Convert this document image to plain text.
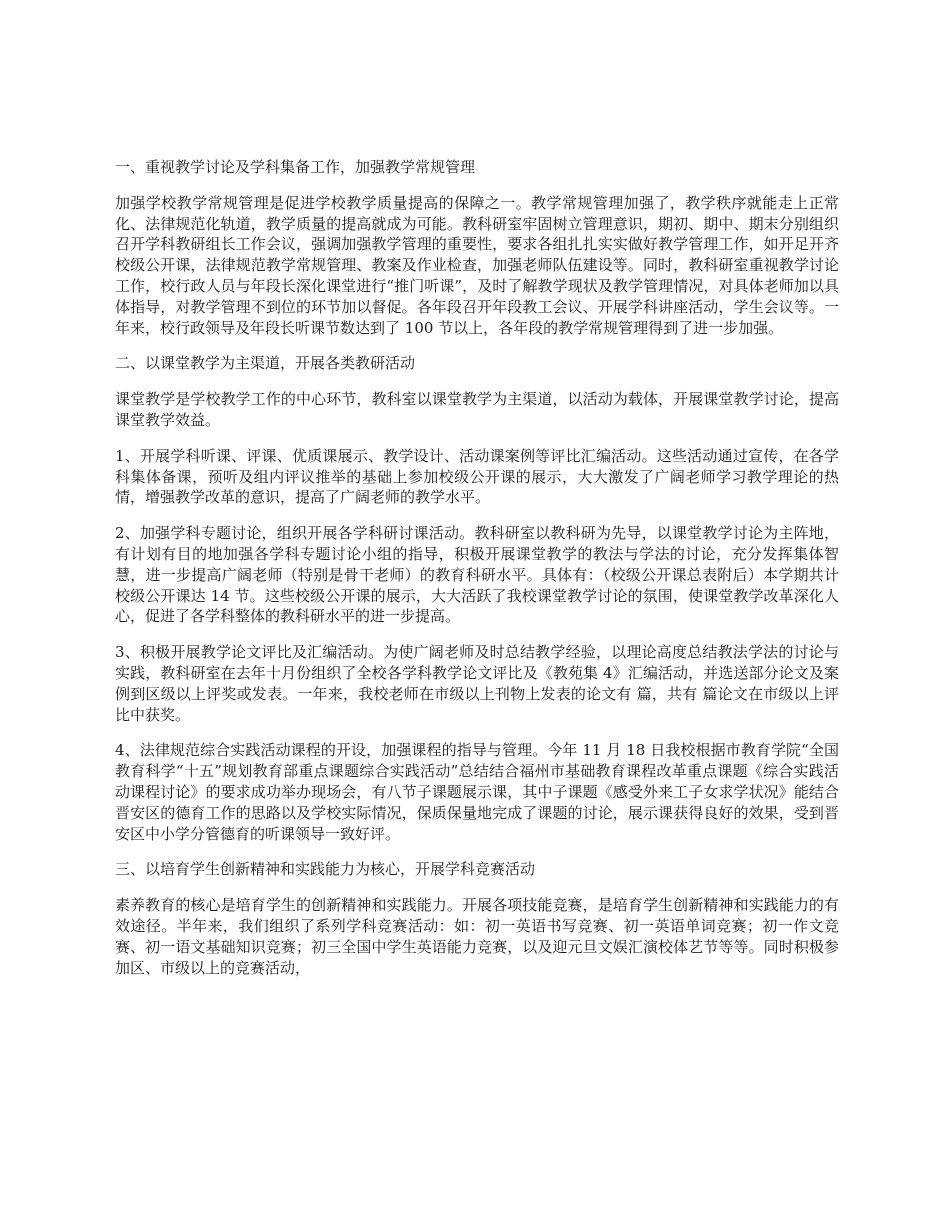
一、重视教学讨论及学科集备工作，加强教学常规管理

加强学校教学常规管理是促进学校教学质量提高的保障之一。教学常规管理加强了，教学秩序就能走上正常化、法律规范化轨道，教学质量的提高就成为可能。教科研室牢固树立管理意识，期初、期中、期末分别组织召开学科教研组长工作会议，强调加强教学管理的重要性，要求各组扎扎实实做好教学管理工作，如开足开齐校级公开课，法律规范教学常规管理、教案及作业检查，加强老师队伍建设等。同时，教科研室重视教学讨论工作，校行政人员与年段长深化课堂进行“推门听课”，及时了解教学现状及教学管理情况，对具体老师加以具体指导，对教学管理不到位的环节加以督促。各年段召开年段教工会议、开展学科讲座活动，学生会议等。一年来，校行政领导及年段长听课节数达到了 100 节以上，各年段的教学常规管理得到了进一步加强。

二、以课堂教学为主渠道，开展各类教研活动

课堂教学是学校教学工作的中心环节，教科室以课堂教学为主渠道，以活动为载体，开展课堂教学讨论，提高课堂教学效益。

1、开展学科听课、评课、优质课展示、教学设计、活动课案例等评比汇编活动。这些活动通过宣传，在各学科集体备课，预听及组内评议推举的基础上参加校级公开课的展示，大大激发了广阔老师学习教学理论的热情，增强教学改革的意识，提高了广阔老师的教学水平。

2、加强学科专题讨论，组织开展各学科研讨课活动。教科研室以教科研为先导，以课堂教学讨论为主阵地，有计划有目的地加强各学科专题讨论小组的指导，积极开展课堂教学的教法与学法的讨论，充分发挥集体智慧，进一步提高广阔老师（特别是骨干老师）的教育科研水平。具体有：（校级公开课总表附后）本学期共计校级公开课达 14 节。这些校级公开课的展示，大大活跃了我校课堂教学讨论的氛围，使课堂教学改革深化人心，促进了各学科整体的教科研水平的进一步提高。

3、积极开展教学论文评比及汇编活动。为使广阔老师及时总结教学经验，以理论高度总结教法学法的讨论与实践，教科研室在去年十月份组织了全校各学科教学论文评比及《教苑集 4》汇编活动，并选送部分论文及案例到区级以上评奖或发表。一年来，我校老师在市级以上刊物上发表的论文有 篇，共有 篇论文在市级以上评比中获奖。

4、法律规范综合实践活动课程的开设，加强课程的指导与管理。今年 11 月 18 日我校根据市教育学院“全国教育科学“十五”规划教育部重点课题综合实践活动”总结结合福州市基础教育课程改革重点课题《综合实践活动课程讨论》的要求成功举办现场会，有八节子课题展示课，其中子课题《感受外来工子女求学状况》能结合晋安区的德育工作的思路以及学校实际情况，保质保量地完成了课题的讨论，展示课获得良好的效果，受到晋安区中小学分管德育的听课领导一致好评。

三、以培育学生创新精神和实践能力为核心，开展学科竞赛活动

素养教育的核心是培育学生的创新精神和实践能力。开展各项技能竞赛，是培育学生创新精神和实践能力的有效途径。半年来，我们组织了系列学科竞赛活动：如：初一英语书写竞赛、初一英语单词竞赛；初一作文竞赛、初一语文基础知识竞赛；初三全国中学生英语能力竞赛，以及迎元旦文娱汇演校体艺节等等。同时积极参加区、市级以上的竞赛活动，
